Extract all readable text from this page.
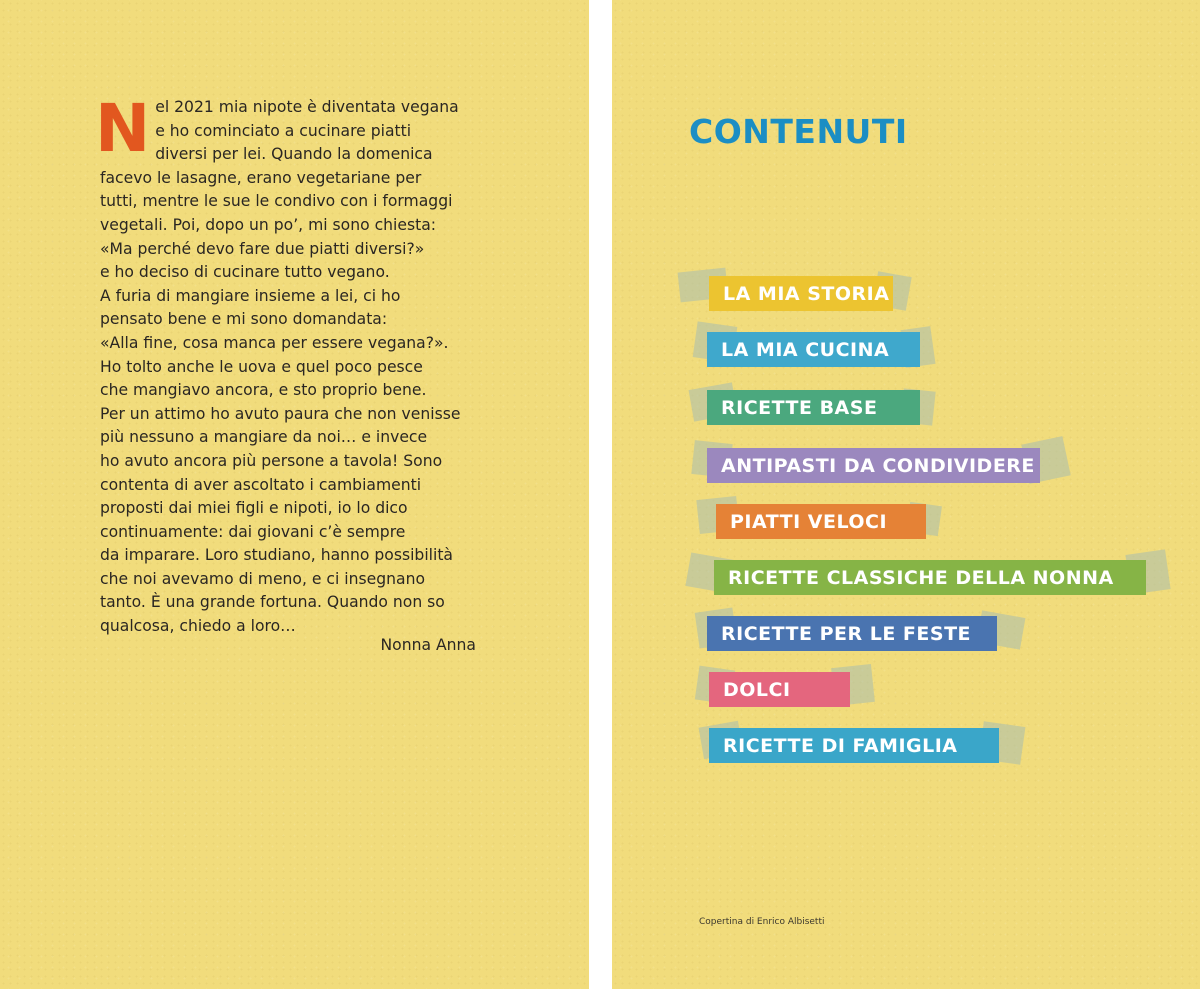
N el 2021 mia nipote è diventata vegana
e ho cominciato a cucinare piatti
diversi per lei. Quando la domenica
facevo le lasagne, erano vegetariane per
tutti, mentre le sue le condivo con i formaggi
vegetali. Poi, dopo un po’, mi sono chiesta:
«Ma perché devo fare due piatti diversi?»
e ho deciso di cucinare tutto vegano.
A furia di mangiare insieme a lei, ci ho
pensato bene e mi sono domandata:
«Alla fine, cosa manca per essere vegana?».
Ho tolto anche le uova e quel poco pesce
che mangiavo ancora, e sto proprio bene.
Per un attimo ho avuto paura che non venisse
più nessuno a mangiare da noi… e invece
ho avuto ancora più persone a tavola! Sono
contenta di aver ascoltato i cambiamenti
proposti dai miei figli e nipoti, io lo dico
continuamente: dai giovani c’è sempre
da imparare. Loro studiano, hanno possibilità
che noi avevamo di meno, e ci insegnano
tanto. È una grande fortuna. Quando non so
qualcosa, chiedo a loro…
Nonna Anna
CONTENUTI
LA MIA STORIA
LA MIA CUCINA
RICETTE BASE
ANTIPASTI DA CONDIVIDERE
PIATTI VELOCI
RICETTE CLASSICHE DELLA NONNA
RICETTE PER LE FESTE
DOLCI
RICETTE DI FAMIGLIA
Copertina di Enrico Albisetti
